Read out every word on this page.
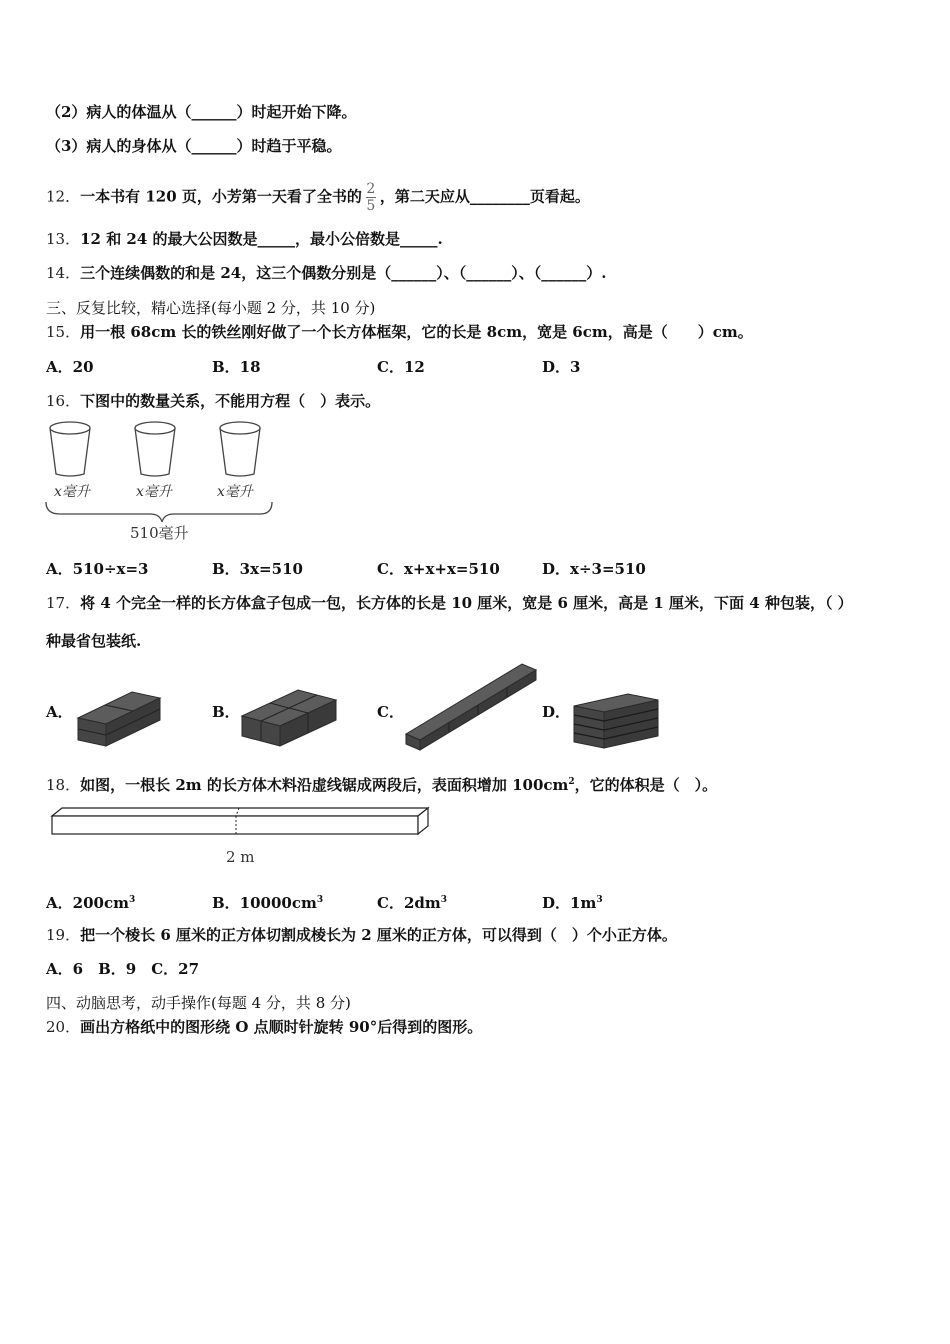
（2）病人的体温从（______）时起开始下降。
（3）病人的身体从（______）时趋于平稳。
12．一本书有 120 页，小芳第一天看了全书的 $\frac{2}{5}$ ，第二天应从________页看起。
13．12 和 24 的最大公因数是_____，最小公倍数是_____.
14．三个连续偶数的和是 24，这三个偶数分别是（______）、（______）、（______）.
三、反复比较，精心选择(每小题 2 分，共 10 分)
15．用一根 68cm 长的铁丝刚好做了一个长方体框架，它的长是 8cm，宽是 6cm，高是（　　）cm。
A．20	B．18	C．12	D．3
16．下图中的数量关系，不能用方程（　）表示。
x毫升	x毫升	x毫升
510毫升
A．510÷x=3	B．3x=510	C．x+x+x=510	D．x÷3=510
17．将 4 个完全一样的长方体盒子包成一包，长方体的长是 10 厘米，宽是 6 厘米，高是 1 厘米，下面 4 种包装，（ ）
种最省包装纸.
A．	B．	C．	D．
18．如图，一根长 2m 的长方体木料沿虚线锯成两段后，表面积增加 $100cm^2$，它的体积是（　）。
2 m
A．$200cm^3$	B．$10000cm^3$	C．$2dm^3$	D．$1m^3$
19．把一个棱长 6 厘米的正方体切割成棱长为 2 厘米的正方体，可以得到（　）个小正方体。
A．6　B．9　C．27
四、动脑思考，动手操作(每题 4 分，共 8 分)
20．画出方格纸中的图形绕 O 点顺时针旋转 90°后得到的图形。
